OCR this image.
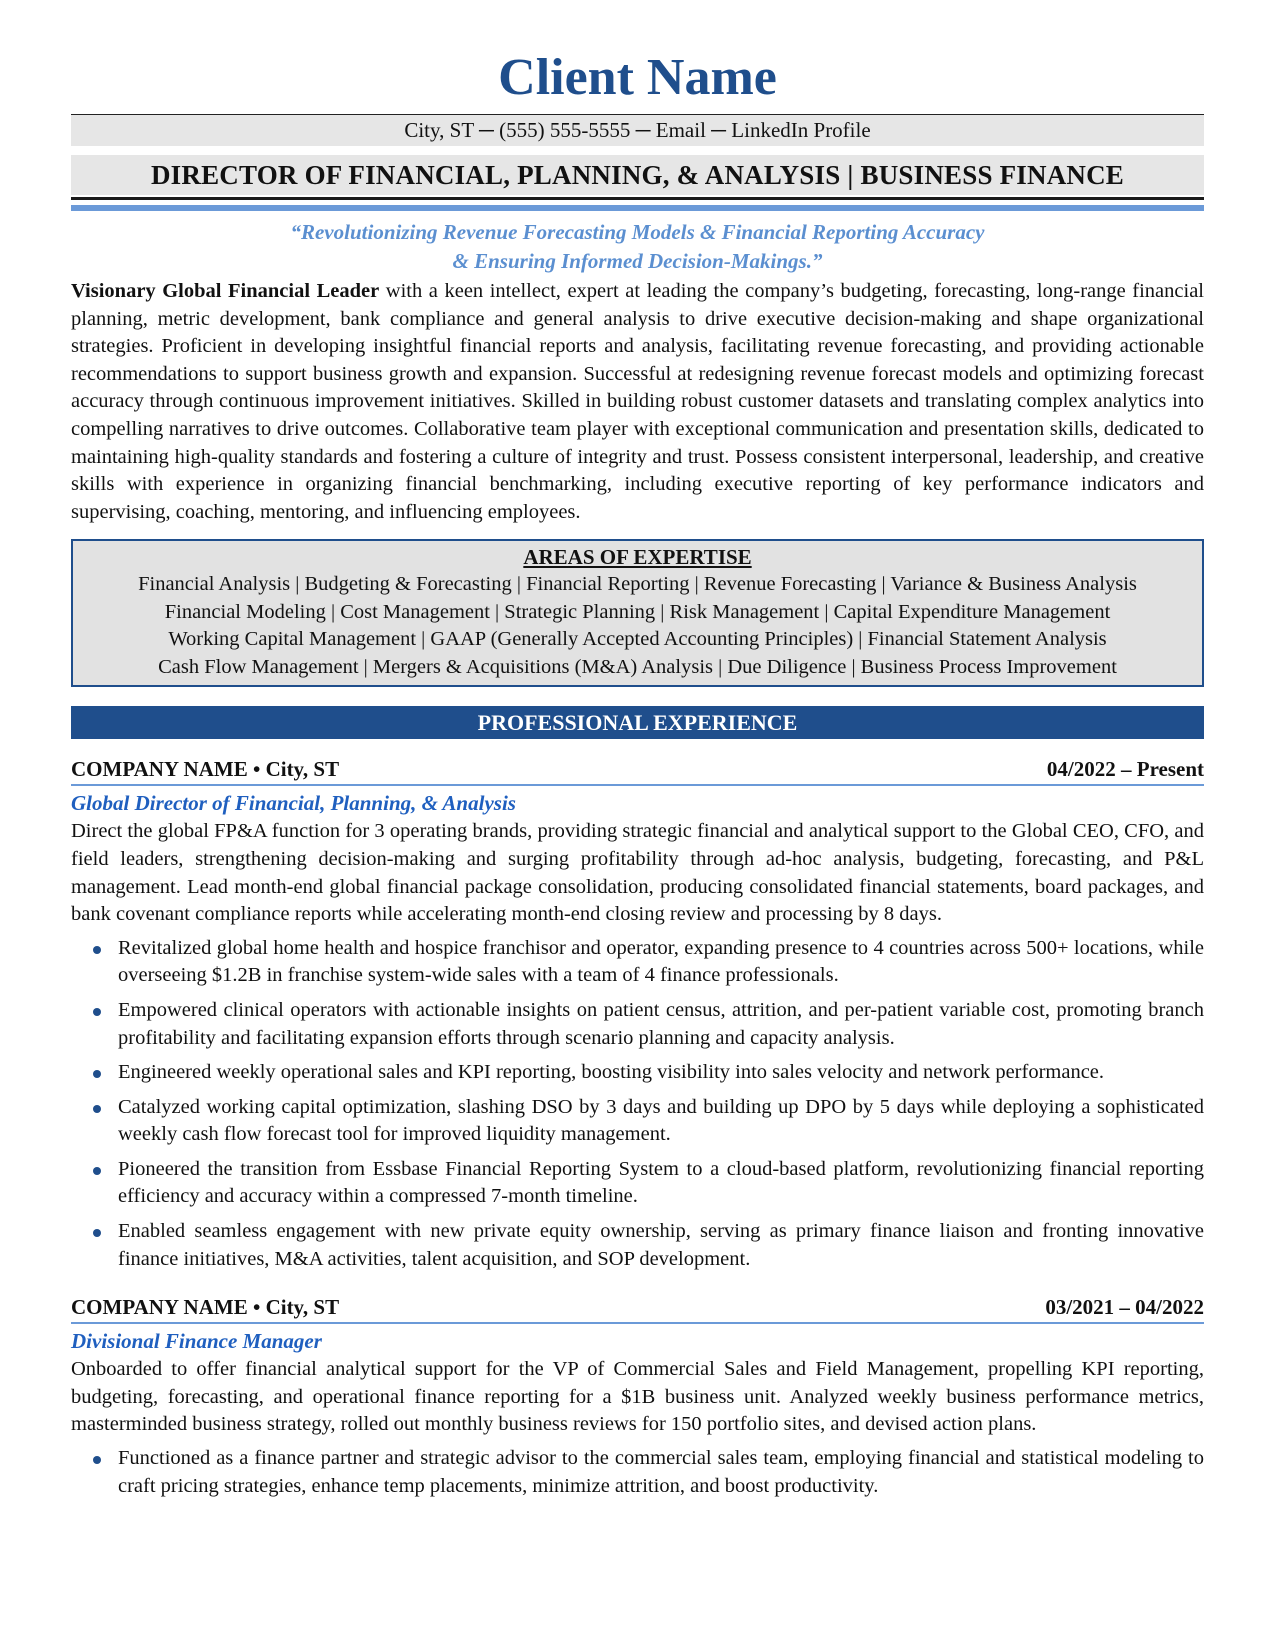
Client Name
City, ST ─ (555) 555-5555 ─ Email ─ LinkedIn Profile
DIRECTOR OF FINANCIAL, PLANNING, & ANALYSIS | BUSINESS FINANCE
“Revolutionizing Revenue Forecasting Models & Financial Reporting Accuracy
& Ensuring Informed Decision-Makings.”
Visionary Global Financial Leader with a keen intellect, expert at leading the company’s budgeting, forecasting, long-range financial planning, metric development, bank compliance and general analysis to drive executive decision-making and shape organizational strategies. Proficient in developing insightful financial reports and analysis, facilitating revenue forecasting, and providing actionable recommendations to support business growth and expansion. Successful at redesigning revenue forecast models and optimizing forecast accuracy through continuous improvement initiatives. Skilled in building robust customer datasets and translating complex analytics into compelling narratives to drive outcomes. Collaborative team player with exceptional communication and presentation skills, dedicated to maintaining high-quality standards and fostering a culture of integrity and trust. Possess consistent interpersonal, leadership, and creative skills with experience in organizing financial benchmarking, including executive reporting of key performance indicators and supervising, coaching, mentoring, and influencing employees.
AREAS OF EXPERTISE
Financial Analysis | Budgeting & Forecasting | Financial Reporting | Revenue Forecasting | Variance & Business Analysis
Financial Modeling | Cost Management | Strategic Planning | Risk Management | Capital Expenditure Management
Working Capital Management | GAAP (Generally Accepted Accounting Principles) | Financial Statement Analysis
Cash Flow Management | Mergers & Acquisitions (M&A) Analysis | Due Diligence | Business Process Improvement
PROFESSIONAL EXPERIENCE
COMPANY NAME • City, ST	04/2022 – Present
Global Director of Financial, Planning, & Analysis
Direct the global FP&A function for 3 operating brands, providing strategic financial and analytical support to the Global CEO, CFO, and field leaders, strengthening decision-making and surging profitability through ad-hoc analysis, budgeting, forecasting, and P&L management. Lead month-end global financial package consolidation, producing consolidated financial statements, board packages, and bank covenant compliance reports while accelerating month-end closing review and processing by 8 days.
Revitalized global home health and hospice franchisor and operator, expanding presence to 4 countries across 500+ locations, while overseeing $1.2B in franchise system-wide sales with a team of 4 finance professionals.
Empowered clinical operators with actionable insights on patient census, attrition, and per-patient variable cost, promoting branch profitability and facilitating expansion efforts through scenario planning and capacity analysis.
Engineered weekly operational sales and KPI reporting, boosting visibility into sales velocity and network performance.
Catalyzed working capital optimization, slashing DSO by 3 days and building up DPO by 5 days while deploying a sophisticated weekly cash flow forecast tool for improved liquidity management.
Pioneered the transition from Essbase Financial Reporting System to a cloud-based platform, revolutionizing financial reporting efficiency and accuracy within a compressed 7-month timeline.
Enabled seamless engagement with new private equity ownership, serving as primary finance liaison and fronting innovative finance initiatives, M&A activities, talent acquisition, and SOP development.
COMPANY NAME • City, ST	03/2021 – 04/2022
Divisional Finance Manager
Onboarded to offer financial analytical support for the VP of Commercial Sales and Field Management, propelling KPI reporting, budgeting, forecasting, and operational finance reporting for a $1B business unit. Analyzed weekly business performance metrics, masterminded business strategy, rolled out monthly business reviews for 150 portfolio sites, and devised action plans.
Functioned as a finance partner and strategic advisor to the commercial sales team, employing financial and statistical modeling to craft pricing strategies, enhance temp placements, minimize attrition, and boost productivity.
